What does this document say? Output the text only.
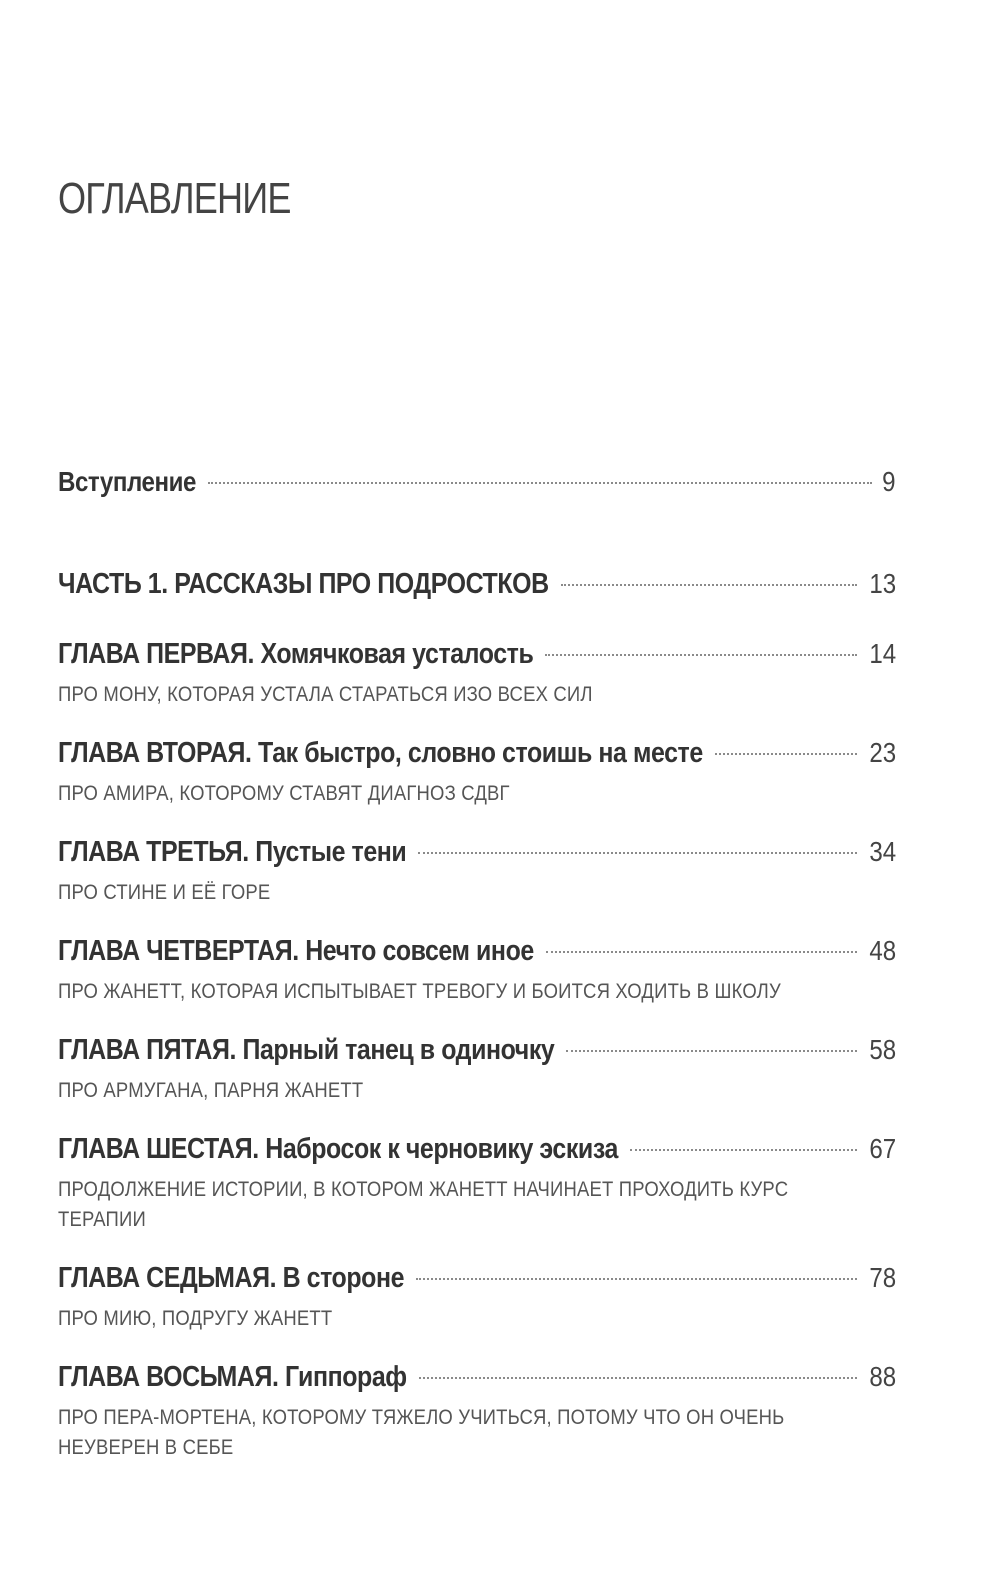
ОГЛАВЛЕНИЕ
Вступление	9
ЧАСТЬ 1. РАССКАЗЫ ПРО ПОДРОСТКОВ	13
ГЛАВА ПЕРВАЯ. Хомячковая усталость	14
ПРО МОНУ, КОТОРАЯ УСТАЛА СТАРАТЬСЯ ИЗО ВСЕХ СИЛ
ГЛАВА ВТОРАЯ. Так быстро, словно стоишь на месте	23
ПРО АМИРА, КОТОРОМУ СТАВЯТ ДИАГНОЗ СДВГ
ГЛАВА ТРЕТЬЯ. Пустые тени	34
ПРО СТИНЕ И ЕЁ ГОРЕ
ГЛАВА ЧЕТВЕРТАЯ. Нечто совсем иное	48
ПРО ЖАНЕТТ, КОТОРАЯ ИСПЫТЫВАЕТ ТРЕВОГУ И БОИТСЯ ХОДИТЬ В ШКОЛУ
ГЛАВА ПЯТАЯ. Парный танец в одиночку	58
ПРО АРМУГАНА, ПАРНЯ ЖАНЕТТ
ГЛАВА ШЕСТАЯ. Набросок к черновику эскиза	67
ПРОДОЛЖЕНИЕ ИСТОРИИ, В КОТОРОМ ЖАНЕТТ НАЧИНАЕТ ПРОХОДИТЬ КУРС ТЕРАПИИ
ГЛАВА СЕДЬМАЯ. В стороне	78
ПРО МИЮ, ПОДРУГУ ЖАНЕТТ
ГЛАВА ВОСЬМАЯ. Гиппораф	88
ПРО ПЕРА-МОРТЕНА, КОТОРОМУ ТЯЖЕЛО УЧИТЬСЯ, ПОТОМУ ЧТО ОН ОЧЕНЬ НЕУВЕРЕН В СЕБЕ
